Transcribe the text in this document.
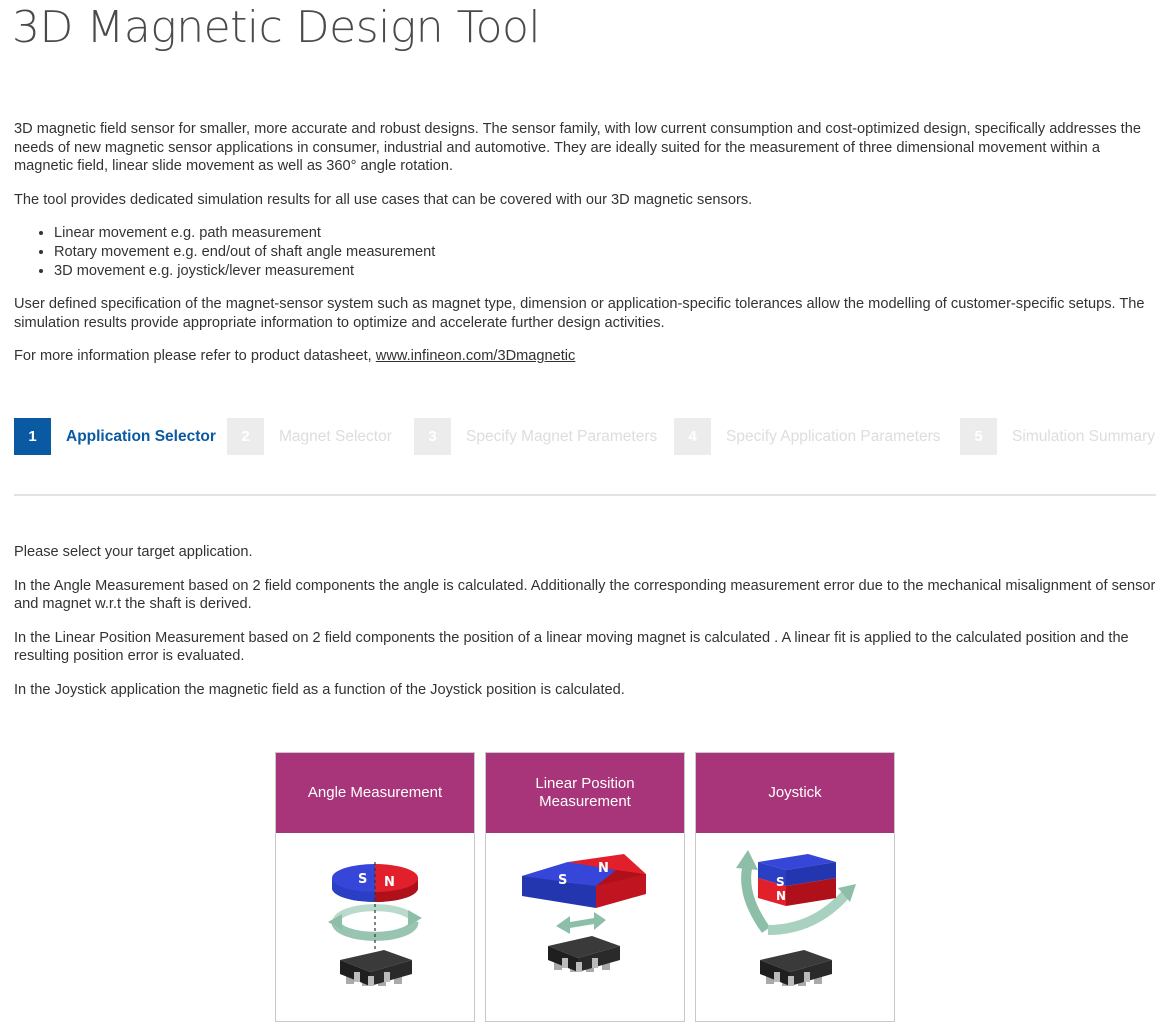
3D Magnetic Design Tool

3D magnetic field sensor for smaller, more accurate and robust designs. The sensor family, with low current consumption and cost-optimized design, specifically addresses the needs of new magnetic sensor applications in consumer, industrial and automotive. They are ideally suited for the measurement of three dimensional movement within a magnetic field, linear slide movement as well as 360° angle rotation.

The tool provides dedicated simulation results for all use cases that can be covered with our 3D magnetic sensors.

• Linear movement e.g. path measurement
• Rotary movement e.g. end/out of shaft angle measurement
• 3D movement e.g. joystick/lever measurement

User defined specification of the magnet-sensor system such as magnet type, dimension or application-specific tolerances allow the modelling of customer-specific setups. The simulation results provide appropriate information to optimize and accelerate further design activities.

For more information please refer to product datasheet, www.infineon.com/3Dmagnetic

1	Application Selector	2	Magnet Selector	3	Specify Magnet Parameters	4	Specify Application Parameters	5	Simulation Summary

Please select your target application.

In the Angle Measurement based on 2 field components the angle is calculated. Additionally the corresponding measurement error due to the mechanical misalignment of sensor and magnet w.r.t the shaft is derived.

In the Linear Position Measurement based on 2 field components the position of a linear moving magnet is calculated . A linear fit is applied to the calculated position and the resulting position error is evaluated.

In the Joystick application the magnetic field as a function of the Joystick position is calculated.

Angle Measurement
S N
Linear Position Measurement
S
N
Joystick
S
N
